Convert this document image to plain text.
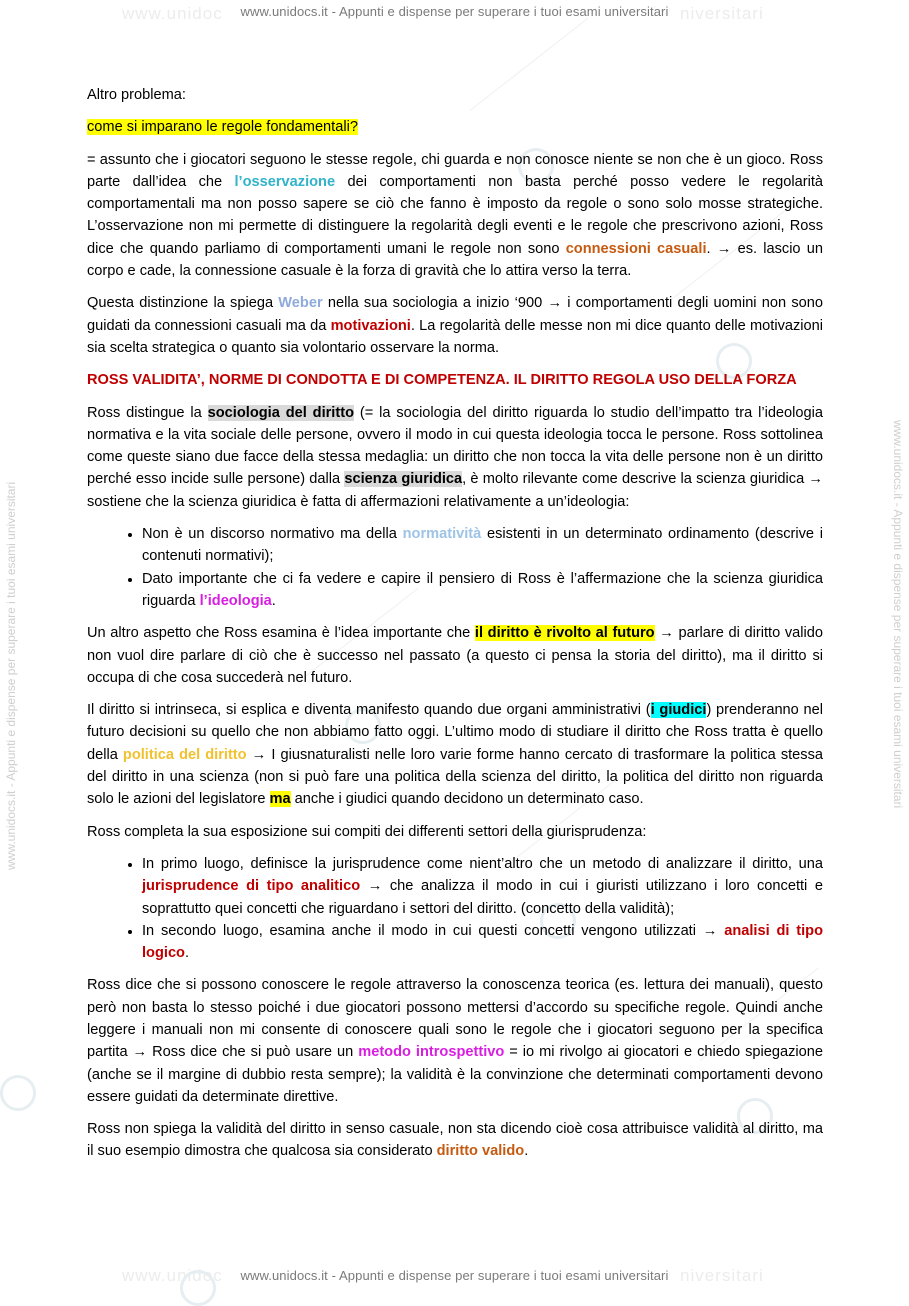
www.unidoc	niversitari
www.unidoc	niversitari
www.unidocs.it - Appunti e dispense per superare i tuoi esami universitari	www.unidocs.it - Appunti e dispense per superare i tuoi esami universitari
www.unidocs.it - Appunti e dispense per superare i tuoi esami universitari
www.unidocs.it - Appunti e dispense per superare i tuoi esami universitari

Altro problema:

come si imparano le regole fondamentali?

= assunto che i giocatori seguono le stesse regole, chi guarda e non conosce niente se non che è un gioco. Ross parte dall’idea che l’osservazione dei comportamenti non basta perché posso vedere le regolarità comportamentali ma non posso sapere se ciò che fanno è imposto da regole o sono solo mosse strategiche. L’osservazione non mi permette di distinguere la regolarità degli eventi e le regole che prescrivono azioni, Ross dice che quando parliamo di comportamenti umani le regole non sono connessioni casuali. → es. lascio un corpo e cade, la connessione casuale è la forza di gravità che lo attira verso la terra.

Questa distinzione la spiega Weber nella sua sociologia a inizio ‘900 → i comportamenti degli uomini non sono guidati da connessioni casuali ma da motivazioni. La regolarità delle messe non mi dice quanto delle motivazioni sia scelta strategica o quanto sia volontario osservare la norma.

ROSS VALIDITA’, NORME DI CONDOTTA E DI COMPETENZA. IL DIRITTO REGOLA USO DELLA FORZA

Ross distingue la sociologia del diritto (= la sociologia del diritto riguarda lo studio dell’impatto tra l’ideologia normativa e la vita sociale delle persone, ovvero il modo in cui questa ideologia tocca le persone. Ross sottolinea come queste siano due facce della stessa medaglia: un diritto che non tocca la vita delle persone non è un diritto perché esso incide sulle persone) dalla scienza giuridica, è molto rilevante come descrive la scienza giuridica → sostiene che la scienza giuridica è fatta di affermazioni relativamente a un’ideologia:

• Non è un discorso normativo ma della normatività esistenti in un determinato ordinamento (descrive i contenuti normativi);
• Dato importante che ci fa vedere e capire il pensiero di Ross è l’affermazione che la scienza giuridica riguarda l’ideologia.

Un altro aspetto che Ross esamina è l’idea importante che il diritto è rivolto al futuro → parlare di diritto valido non vuol dire parlare di ciò che è successo nel passato (a questo ci pensa la storia del diritto), ma il diritto si occupa di che cosa succederà nel futuro.

Il diritto si intrinseca, si esplica e diventa manifesto quando due organi amministrativi (i giudici) prenderanno nel futuro decisioni su quello che non abbiamo fatto oggi. L’ultimo modo di studiare il diritto che Ross tratta è quello della politica del diritto → I giusnaturalisti nelle loro varie forme hanno cercato di trasformare la politica stessa del diritto in una scienza (non si può fare una politica della scienza del diritto, la politica del diritto non riguarda solo le azioni del legislatore ma anche i giudici quando decidono un determinato caso.

Ross completa la sua esposizione sui compiti dei differenti settori della giurisprudenza:

• In primo luogo, definisce la jurisprudence come nient’altro che un metodo di analizzare il diritto, una jurisprudence di tipo analitico → che analizza il modo in cui i giuristi utilizzano i loro concetti e soprattutto quei concetti che riguardano i settori del diritto. (concetto della validità);
• In secondo luogo, esamina anche il modo in cui questi concetti vengono utilizzati → analisi di tipo logico.

Ross dice che si possono conoscere le regole attraverso la conoscenza teorica (es. lettura dei manuali), questo però non basta lo stesso poiché i due giocatori possono mettersi d’accordo su specifiche regole. Quindi anche leggere i manuali non mi consente di conoscere quali sono le regole che i giocatori seguono per la specifica partita → Ross dice che si può usare un metodo introspettivo = io mi rivolgo ai giocatori e chiedo spiegazione (anche se il margine di dubbio resta sempre); la validità è la convinzione che determinati comportamenti devono essere guidati da determinate direttive.

Ross non spiega la validità del diritto in senso casuale, non sta dicendo cioè cosa attribuisce validità al diritto, ma il suo esempio dimostra che qualcosa sia considerato diritto valido.
